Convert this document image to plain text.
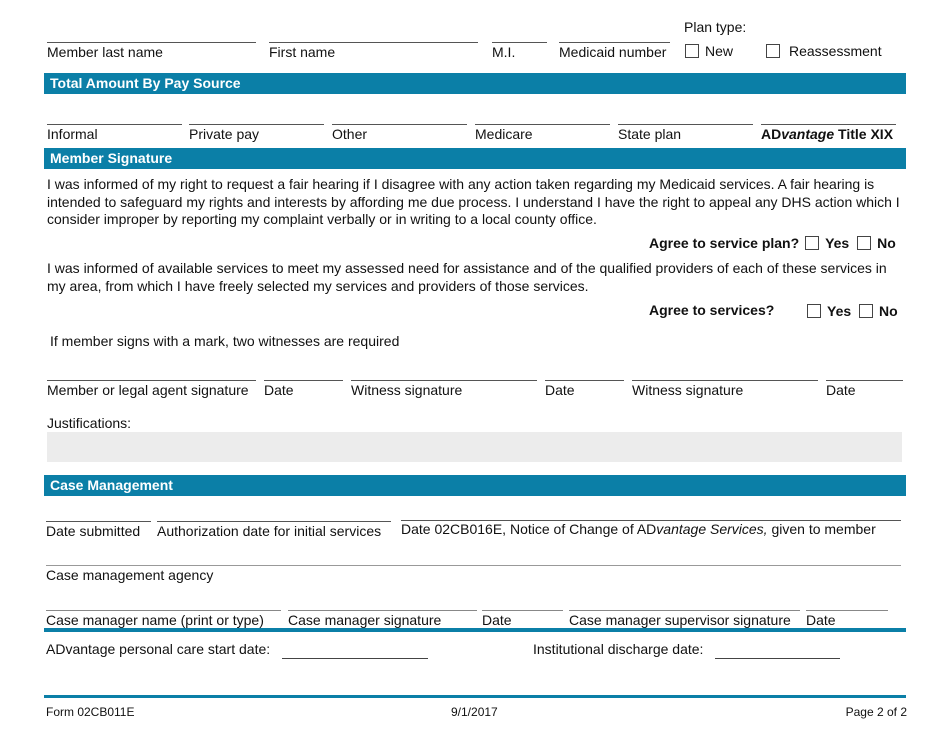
Member last name	First name	M.I.	Medicaid number
Plan type:
New	Reassessment
Total Amount By Pay Source
Informal	Private pay	Other	Medicare	State plan	ADvantage Title XIX
Member Signature
I was informed of my right to request a fair hearing if I disagree with any action taken regarding my Medicaid services. A fair hearing is intended to safeguard my rights and interests by affording me due process. I understand I have the right to appeal any DHS action which I consider improper by reporting my complaint verbally or in writing to a local county office.
Agree to service plan? Yes No
I was informed of available services to meet my assessed need for assistance and of the qualified providers of each of these services in my area, from which I have freely selected my services and providers of those services.
Agree to services?	Yes No
If member signs with a mark, two witnesses are required
Member or legal agent signature	Date	Witness signature	Date	Witness signature	Date
Justifications:
Case Management
Date submitted	Authorization date for initial services	Date 02CB016E, Notice of Change of ADvantage Services, given to member
Case management agency
Case manager name (print or type)	Case manager signature	Date	Case manager supervisor signature	Date
ADvantage personal care start date:	Institutional discharge date:
Form 02CB011E	9/1/2017	Page 2 of 2
